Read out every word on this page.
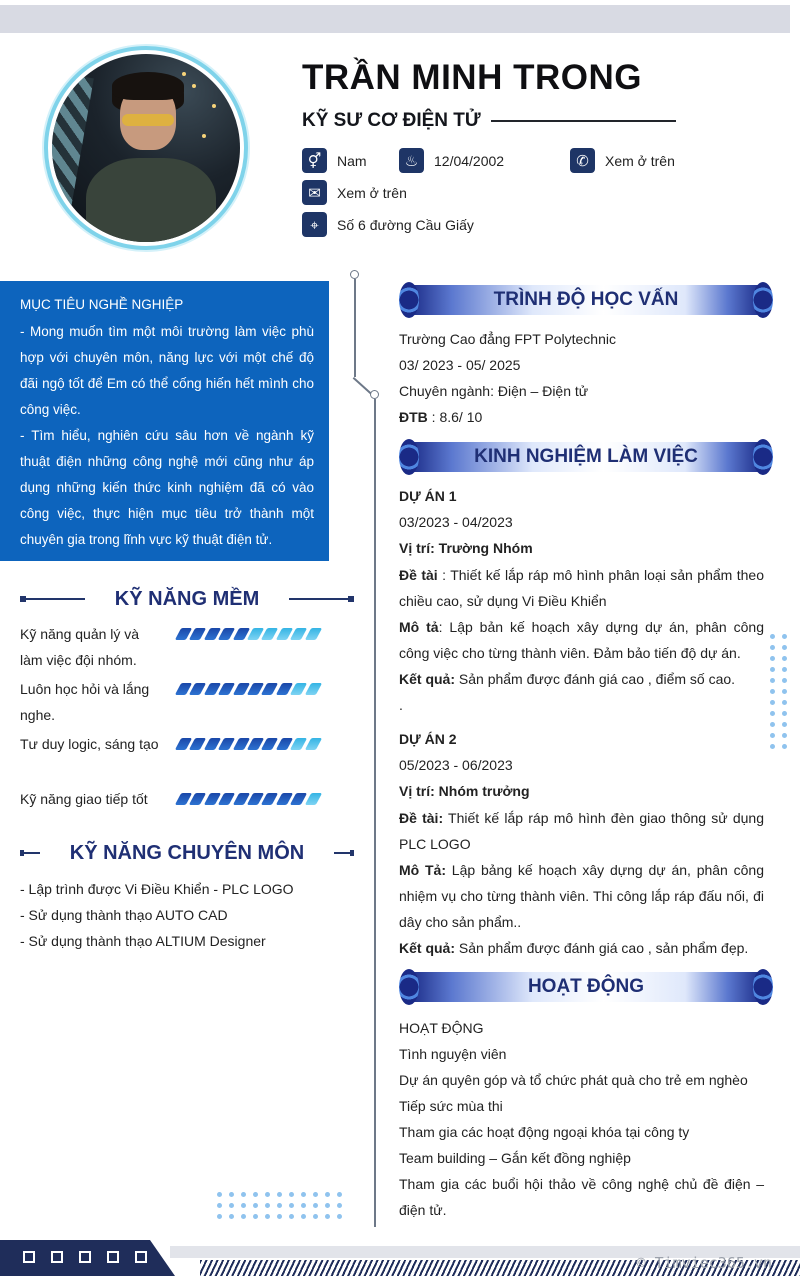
TRẦN MINH TRONG
KỸ SƯ CƠ ĐIỆN TỬ
⚥	Nam	♨	12/04/2002	✆	Xem ở trên
✉	Xem ở trên
⌖	Số 6 đường Cầu Giấy
MỤC TIÊU NGHỀ NGHIỆP

- Mong muốn tìm một môi trường làm việc phù hợp với chuyên môn, năng lực với một chế độ đãi ngộ tốt để Em có thể cống hiến hết mình cho công việc.

- Tìm hiểu, nghiên cứu sâu hơn về ngành kỹ thuật điện những công nghệ mới cũng như áp dụng những kiến thức kinh nghiệm đã có vào công việc, thực hiện mục tiêu trở thành một chuyên gia trong lĩnh vực kỹ thuật điện tử.

KỸ NĂNG MỀM
Kỹ năng quản lý và làm việc đội nhóm.
Luôn học hỏi và lắng nghe.
Tư duy logic, sáng tạo
Kỹ năng giao tiếp tốt
KỸ NĂNG CHUYÊN MÔN
- Lập trình được Vi Điều Khiển - PLC LOGO
- Sử dụng thành thạo AUTO CAD
- Sử dụng thành thạo ALTIUM Designer
TRÌNH ĐỘ HỌC VẤN
Trường Cao đẳng FPT Polytechnic
03/ 2023 - 05/ 2025
Chuyên ngành: Điện – Điện tử
ĐTB : 8.6/ 10
KINH NGHIỆM LÀM VIỆC
DỰ ÁN 1
03/2023 - 04/2023
Vị trí: Trường Nhóm
Đề tài : Thiết kế lắp ráp mô hình phân loại sản phẩm theo chiều cao, sử dụng Vi Điều Khiển
Mô tả: Lập bản kế hoạch xây dựng dự án, phân công công việc cho từng thành viên. Đảm bảo tiến độ dự án.
Kết quả: Sản phẩm được đánh giá cao , điểm số cao.
.
DỰ ÁN 2
05/2023 - 06/2023
Vị trí: Nhóm trưởng
Đề tài: Thiết kế lắp ráp mô hình đèn giao thông sử dụng PLC LOGO
Mô Tả: Lập bảng kế hoạch xây dựng dự án, phân công nhiệm vụ cho từng thành viên. Thi công lắp ráp đấu nối, đi dây cho sản phẩm..
Kết quả: Sản phẩm được đánh giá cao , sản phẩm đẹp.
HOẠT ĐỘNG
HOẠT ĐỘNG
Tình nguyện viên
Dự án quyên góp và tổ chức phát quà cho trẻ em nghèo
Tiếp sức mùa thi
Tham gia các hoạt động ngoại khóa tại công ty
Team building – Gắn kết đồng nghiệp
Tham gia các buổi hội thảo về công nghệ chủ đề điện – điện tử.
© Timviec365.vn
